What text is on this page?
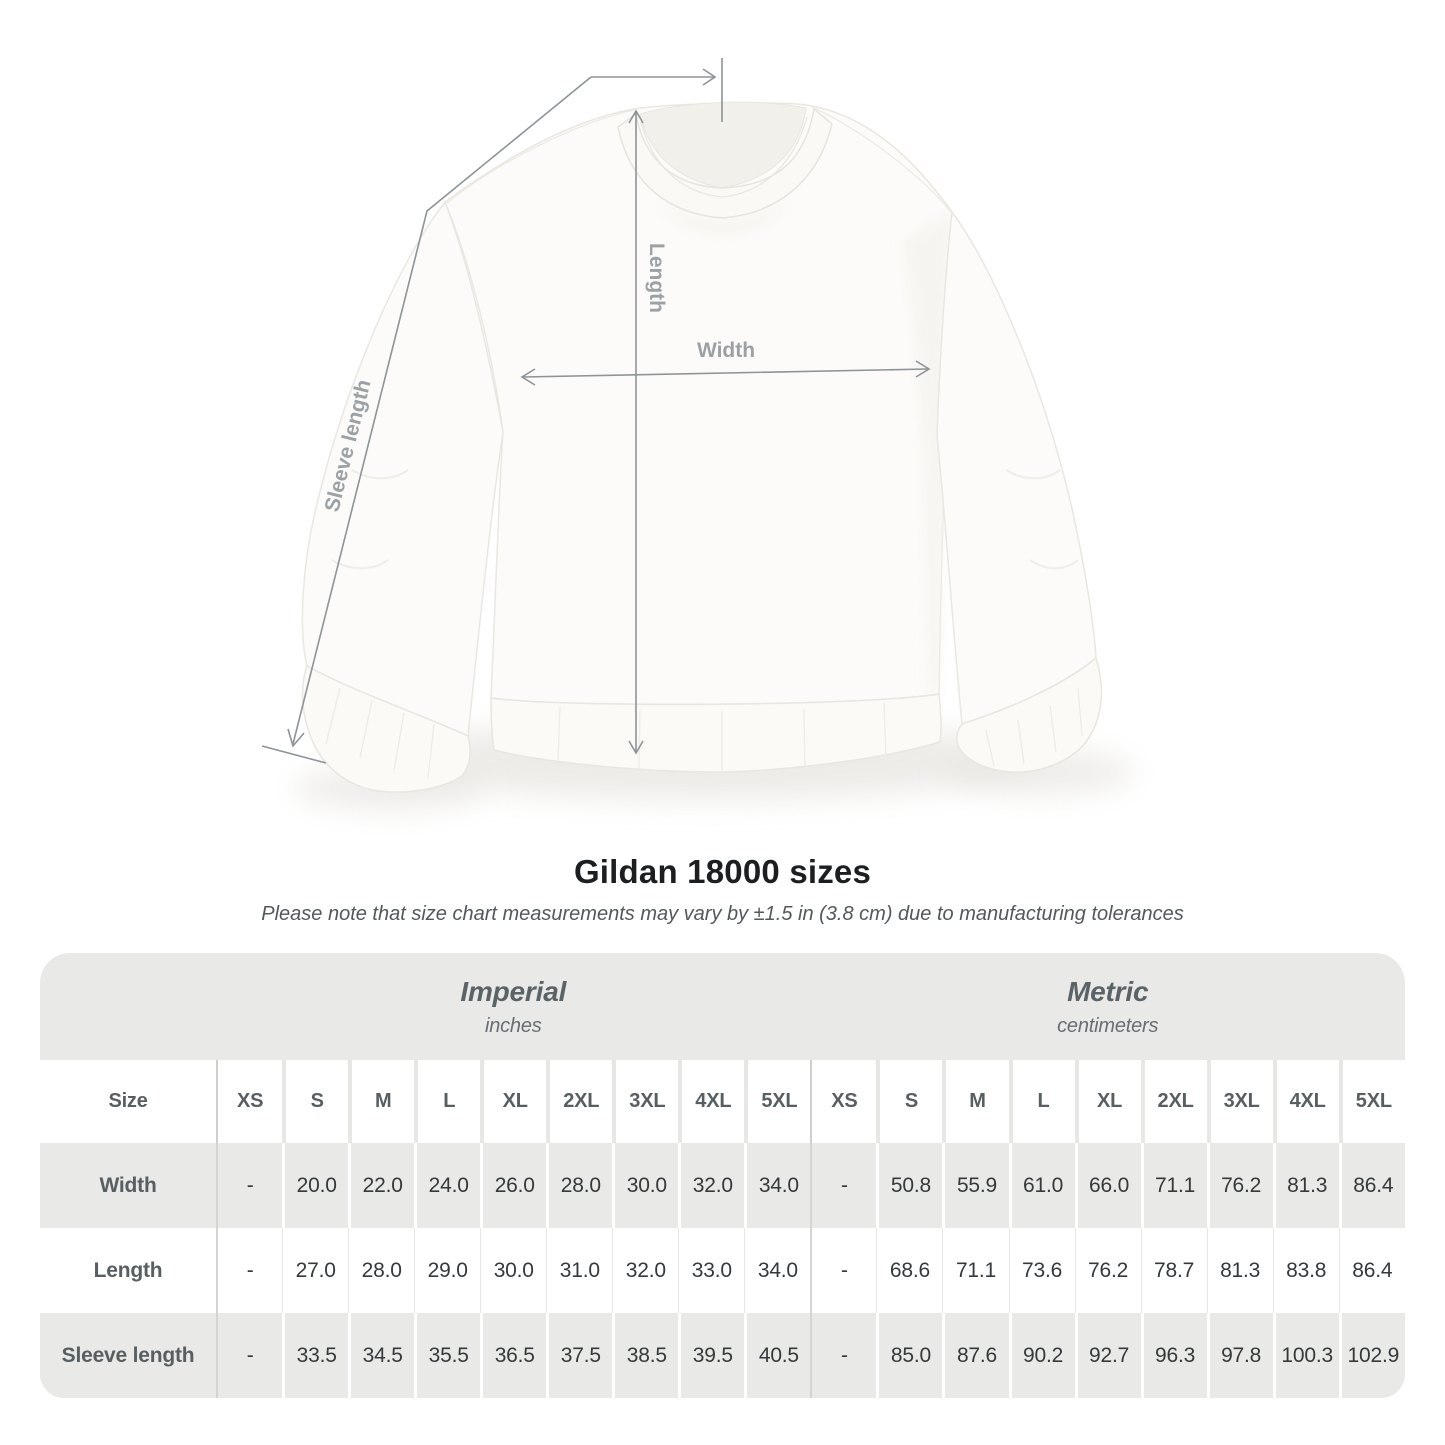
Width
Length
Sleeve length
Gildan 18000 sizes

Please note that size chart measurements may vary by ±1.5 in (3.8 cm) due to manufacturing tolerances

Imperial
inches

Metric
centimeters

Size	XS	S	M	L	XL	2XL	3XL	4XL	5XL	XS	S	M	L	XL	2XL	3XL	4XL	5XL
Width	-	20.0	22.0	24.0	26.0	28.0	30.0	32.0	34.0	-	50.8	55.9	61.0	66.0	71.1	76.2	81.3	86.4
Length	-	27.0	28.0	29.0	30.0	31.0	32.0	33.0	34.0	-	68.6	71.1	73.6	76.2	78.7	81.3	83.8	86.4
Sleeve length	-	33.5	34.5	35.5	36.5	37.5	38.5	39.5	40.5	-	85.0	87.6	90.2	92.7	96.3	97.8	100.3	102.9
